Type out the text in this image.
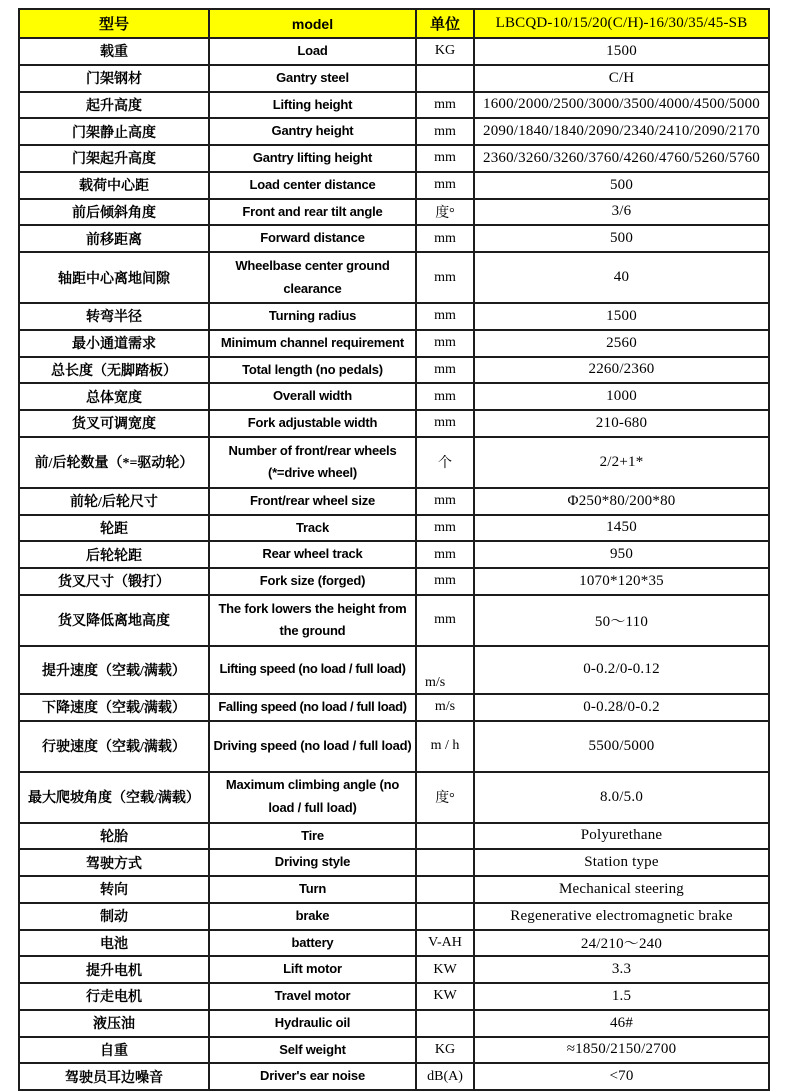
型号	model	单位	LBCQD-10/15/20(C/H)-16/30/35/45-SB
载重	Load	KG	1500
门架钢材	Gantry steel		C/H
起升高度	Lifting height	mm	1600/2000/2500/3000/3500/4000/4500/5000
门架静止高度	Gantry height	mm	2090/1840/1840/2090/2340/2410/2090/2170
门架起升高度	Gantry lifting height	mm	2360/3260/3260/3760/4260/4760/5260/5760
载荷中心距	Load center distance	mm	500
前后倾斜角度	Front and rear tilt angle	度°	3/6
前移距离	Forward distance	mm	500
轴距中心离地间隙	Wheelbase center ground clearance	mm	40
转弯半径	Turning radius	mm	1500
最小通道需求	Minimum channel requirement	mm	2560
总长度（无脚踏板）	Total length (no pedals)	mm	2260/2360
总体宽度	Overall width	mm	1000
货叉可调宽度	Fork adjustable width	mm	210-680
前/后轮数量（*=驱动轮）	Number of front/rear wheels (*=drive wheel)	个	2/2+1*
前轮/后轮尺寸	Front/rear wheel size	mm	Φ250*80/200*80
轮距	Track	mm	1450
后轮轮距	Rear wheel track	mm	950
货叉尺寸（锻打）	Fork size (forged)	mm	1070*120*35
货叉降低离地高度	The fork lowers the height from the ground	mm	50～110
提升速度（空载/满载）	Lifting speed (no load / full load)	m/s	0-0.2/0-0.12
下降速度（空载/满载）	Falling speed (no load / full load)	m/s	0-0.28/0-0.2
行驶速度（空载/满载）	Driving speed (no load / full load)	m / h	5500/5000
最大爬坡角度（空载/满载）	Maximum climbing angle (no load / full load)	度°	8.0/5.0
轮胎	Tire		Polyurethane
驾驶方式	Driving style		Station type
转向	Turn		Mechanical steering
制动	brake		Regenerative electromagnetic brake
电池	battery	V-AH	24/210～240
提升电机	Lift motor	KW	3.3
行走电机	Travel motor	KW	1.5
液压油	Hydraulic oil		46#
自重	Self weight	KG	≈1850/2150/2700
驾驶员耳边噪音	Driver's ear noise	dB(A)	<70
